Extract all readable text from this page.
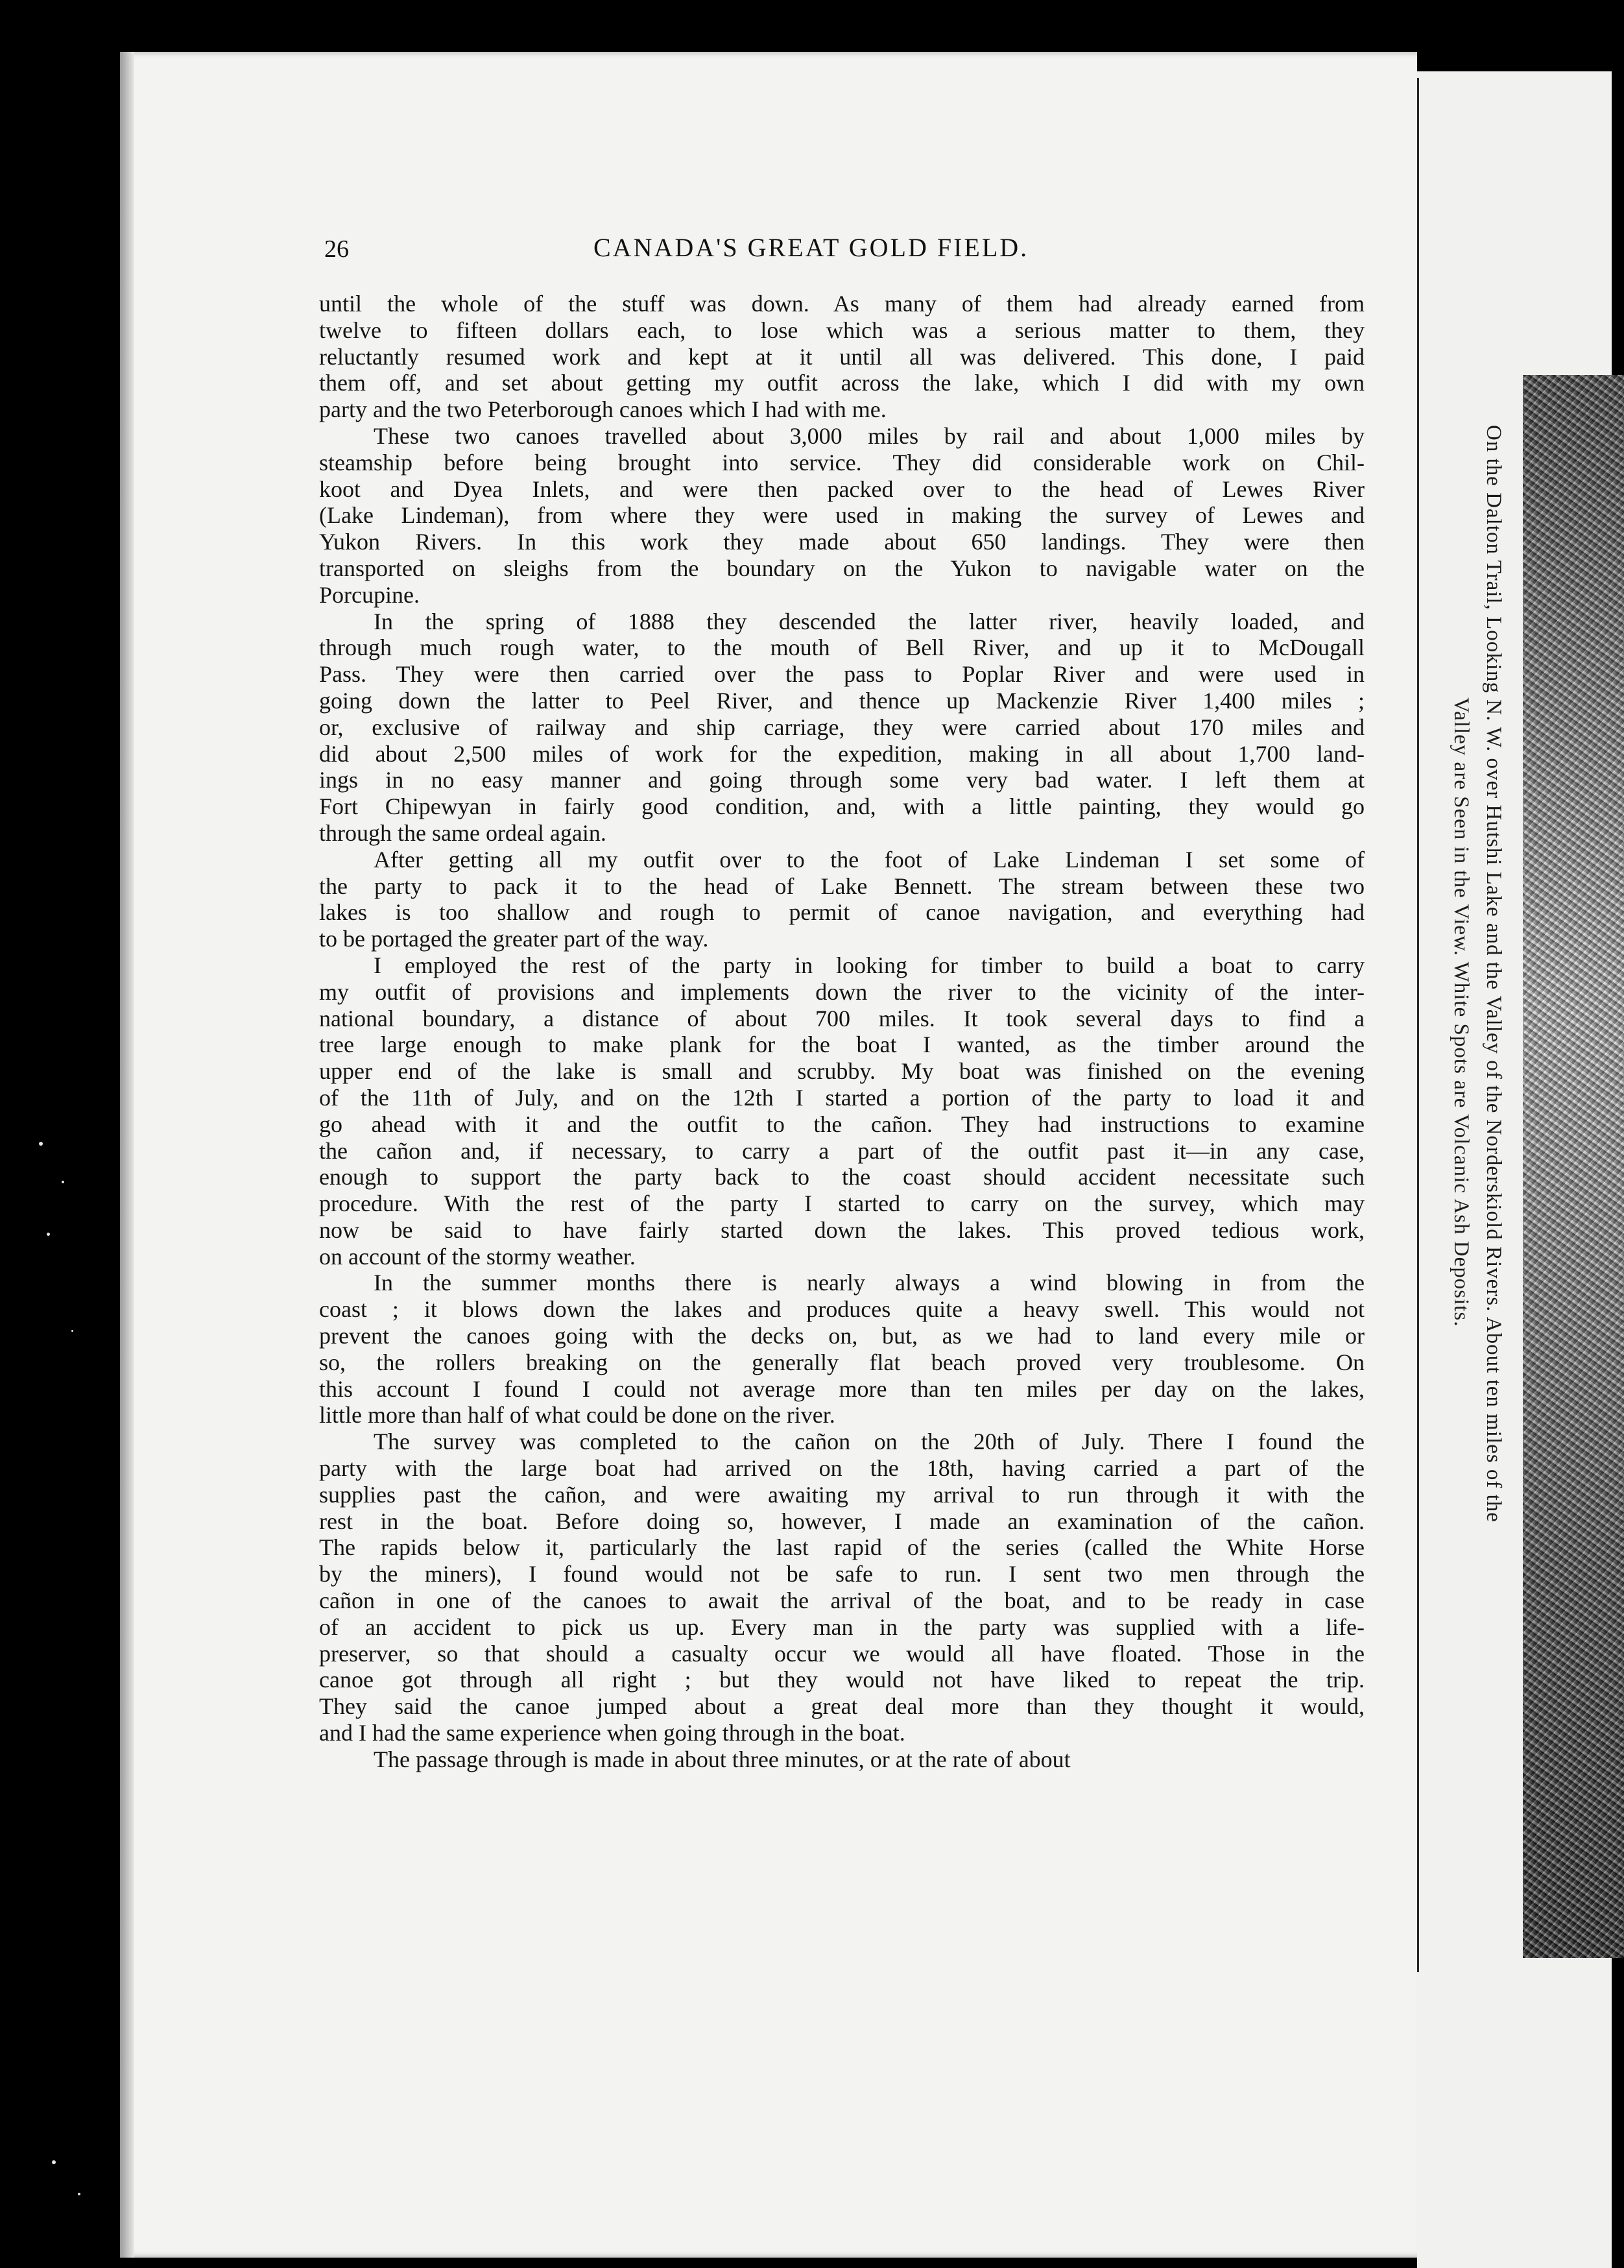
On the Dalton Trail, Looking N. W. over Hutshi Lake and the Valley of the Norderskiold Rivers. About ten miles of the
Valley are Seen in the View. White Spots are Volcanic Ash Deposits.
26	CANADA'S GREAT GOLD FIELD.
until the whole of the stuff was down. As many of them had already earned from
twelve to fifteen dollars each, to lose which was a serious matter to them, they
reluctantly resumed work and kept at it until all was delivered. This done, I paid
them off, and set about getting my outfit across the lake, which I did with my own
party and the two Peterborough canoes which I had with me.
These two canoes travelled about 3,000 miles by rail and about 1,000 miles by
steamship before being brought into service. They did considerable work on Chil-
koot and Dyea Inlets, and were then packed over to the head of Lewes River
(Lake Lindeman), from where they were used in making the survey of Lewes and
Yukon Rivers. In this work they made about 650 landings. They were then
transported on sleighs from the boundary on the Yukon to navigable water on the
Porcupine.
In the spring of 1888 they descended the latter river, heavily loaded, and
through much rough water, to the mouth of Bell River, and up it to McDougall
Pass. They were then carried over the pass to Poplar River and were used in
going down the latter to Peel River, and thence up Mackenzie River 1,400 miles ;
or, exclusive of railway and ship carriage, they were carried about 170 miles and
did about 2,500 miles of work for the expedition, making in all about 1,700 land-
ings in no easy manner and going through some very bad water. I left them at
Fort Chipewyan in fairly good condition, and, with a little painting, they would go
through the same ordeal again.
After getting all my outfit over to the foot of Lake Lindeman I set some of
the party to pack it to the head of Lake Bennett. The stream between these two
lakes is too shallow and rough to permit of canoe navigation, and everything had
to be portaged the greater part of the way.
I employed the rest of the party in looking for timber to build a boat to carry
my outfit of provisions and implements down the river to the vicinity of the inter-
national boundary, a distance of about 700 miles. It took several days to find a
tree large enough to make plank for the boat I wanted, as the timber around the
upper end of the lake is small and scrubby. My boat was finished on the evening
of the 11th of July, and on the 12th I started a portion of the party to load it and
go ahead with it and the outfit to the cañon. They had instructions to examine
the cañon and, if necessary, to carry a part of the outfit past it—in any case,
enough to support the party back to the coast should accident necessitate such
procedure. With the rest of the party I started to carry on the survey, which may
now be said to have fairly started down the lakes. This proved tedious work,
on account of the stormy weather.
In the summer months there is nearly always a wind blowing in from the
coast ; it blows down the lakes and produces quite a heavy swell. This would not
prevent the canoes going with the decks on, but, as we had to land every mile or
so, the rollers breaking on the generally flat beach proved very troublesome. On
this account I found I could not average more than ten miles per day on the lakes,
little more than half of what could be done on the river.
The survey was completed to the cañon on the 20th of July. There I found the
party with the large boat had arrived on the 18th, having carried a part of the
supplies past the cañon, and were awaiting my arrival to run through it with the
rest in the boat. Before doing so, however, I made an examination of the cañon.
The rapids below it, particularly the last rapid of the series (called the White Horse
by the miners), I found would not be safe to run. I sent two men through the
cañon in one of the canoes to await the arrival of the boat, and to be ready in case
of an accident to pick us up. Every man in the party was supplied with a life-
preserver, so that should a casualty occur we would all have floated. Those in the
canoe got through all right ; but they would not have liked to repeat the trip.
They said the canoe jumped about a great deal more than they thought it would,
and I had the same experience when going through in the boat.
The passage through is made in about three minutes, or at the rate of about
